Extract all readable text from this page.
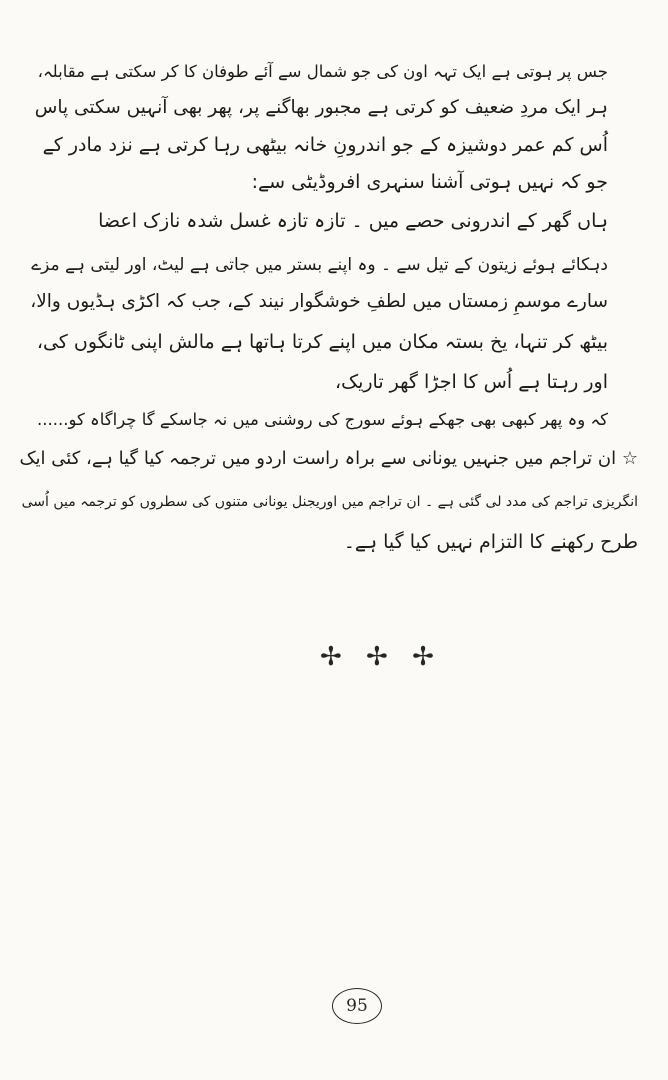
جس پر ہوتی ہے ایک تہہ اون کی جو شمال سے آئے طوفان کا کر سکتی ہے مقابلہ،
ہر ایک مردِ ضعیف کو کرتی ہے مجبور بھاگنے پر، پھر بھی آنہیں سکتی پاس
اُس کم عمر دوشیزہ کے جو اندرونِ خانہ بیٹھی رہا کرتی ہے نزد مادر کے
جو کہ نہیں ہوتی آشنا سنہری افروڈیٹی سے:
ہاں گھر کے اندرونی حصے میں ۔ تازہ تازہ غسل شدہ نازک اعضا
دہکائے ہوئے زیتون کے تیل سے ۔ وہ اپنے بستر میں جاتی ہے لیٹ، اور لیتی ہے مزے
سارے موسمِ زمستاں میں لطفِ خوشگوار نیند کے، جب کہ اکڑی ہڈیوں والا،
بیٹھ کر تنہا، یخ بستہ مکان میں اپنے کرتا ہاتھا ہے مالش اپنی ٹانگوں کی،
اور رہتا ہے اُس کا اجڑا گھر تاریک،
کہ وہ پھر کبھی بھی جھکے ہوئے سورج کی روشنی میں نہ جاسکے گا چراگاہ کو......
☆ ان تراجم میں جنہیں یونانی سے براہ راست اردو میں ترجمہ کیا گیا ہے، کئی ایک
انگریزی تراجم کی مدد لی گئی ہے ۔ ان تراجم میں اوریجنل یونانی متنوں کی سطروں کو ترجمہ میں اُسی
طرح رکھنے کا التزام نہیں کیا گیا ہے۔
✢ ✢ ✢
95
